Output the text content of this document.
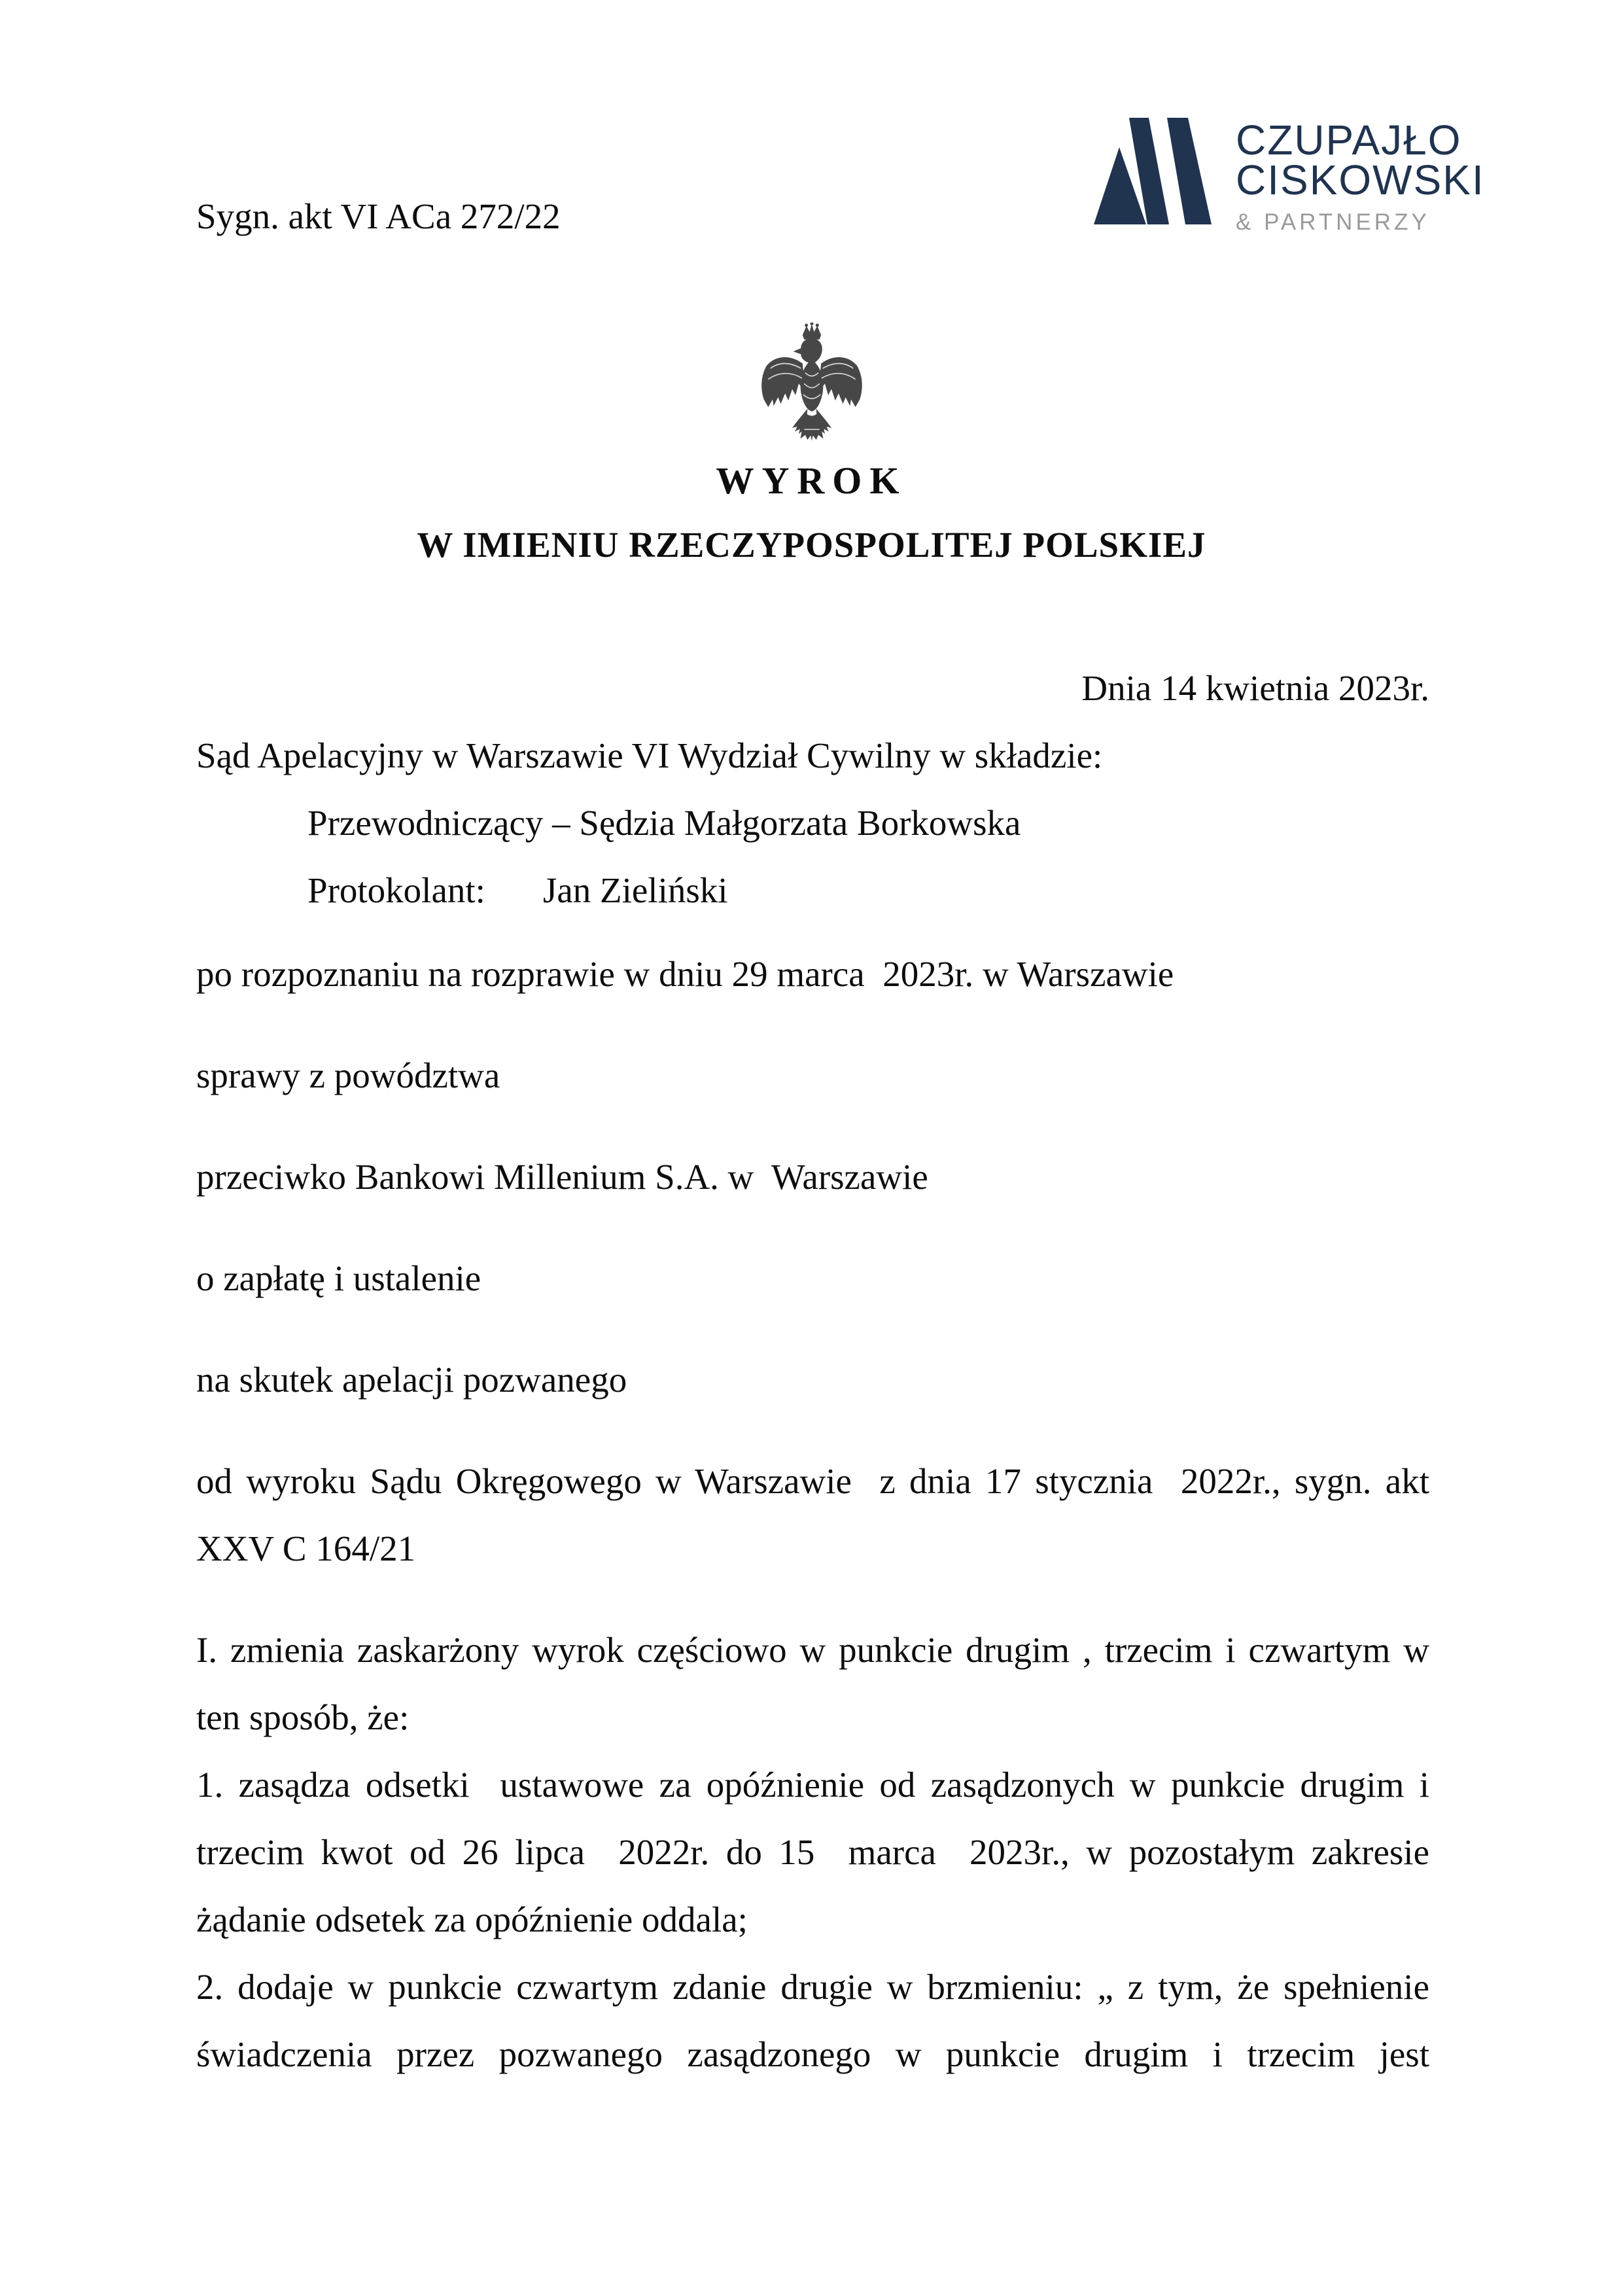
Sygn. akt VI ACa 272/22
CZUPAJŁO
CISKOWSKI
& PARTNERZY
WYROK
W IMIENIU RZECZYPOSPOLITEJ POLSKIEJ

Dnia 14 kwietnia 2023r.

Sąd Apelacyjny w Warszawie VI Wydział Cywilny w składzie:

Przewodniczący – Sędzia Małgorzata Borkowska

Protokolant: Jan Zieliński

po rozpoznaniu na rozprawie w dniu 29 marca  2023r. w Warszawie

sprawy z powództwa

przeciwko Bankowi Millenium S.A. w  Warszawie

o zapłatę i ustalenie

na skutek apelacji pozwanego

od wyroku Sądu Okręgowego w Warszawie  z dnia 17 stycznia  2022r., sygn. akt XXV C 164/21

I. zmienia zaskarżony wyrok częściowo w punkcie drugim , trzecim i czwartym w ten sposób, że:

1. zasądza odsetki  ustawowe za opóźnienie od zasądzonych w punkcie drugim i trzecim kwot od 26 lipca  2022r. do 15  marca  2023r., w pozostałym zakresie żądanie odsetek za opóźnienie oddala;

2. dodaje w punkcie czwartym zdanie drugie w brzmieniu: „ z tym, że spełnienie świadczenia przez pozwanego zasądzonego w punkcie drugim i trzecim jest
